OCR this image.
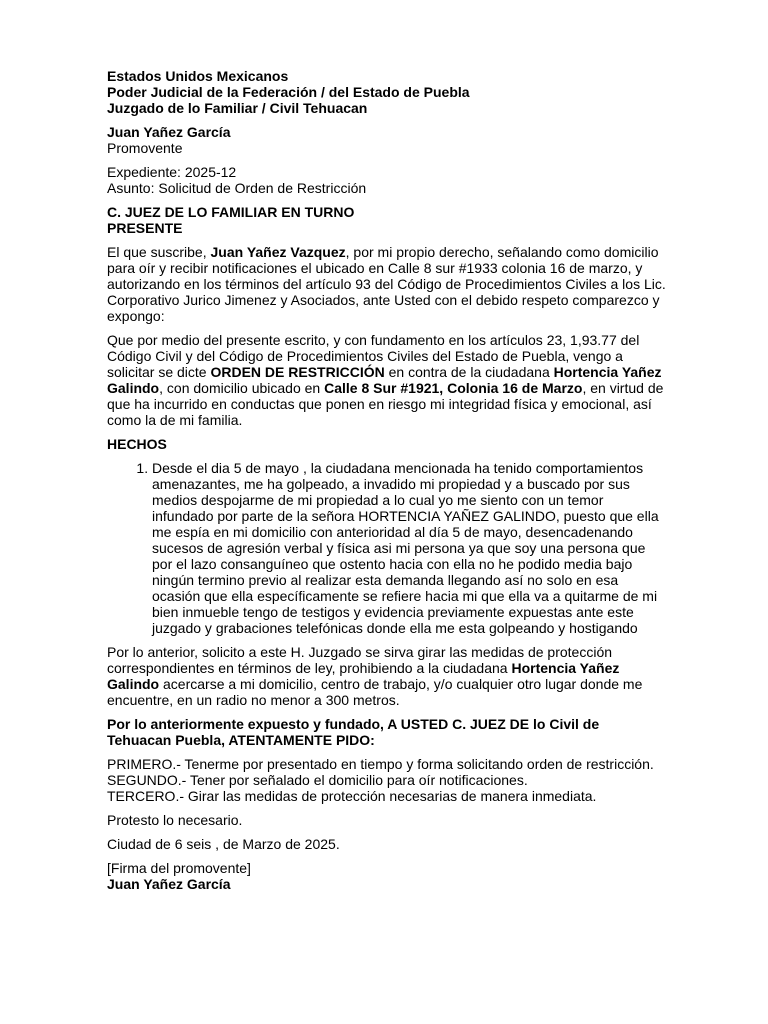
Estados Unidos Mexicanos

Poder Judicial de la Federación / del Estado de Puebla

Juzgado de lo Familiar / Civil Tehuacan

Juan Yañez García

Promovente

Expediente: 2025-12

Asunto: Solicitud de Orden de Restricción

C. JUEZ DE LO FAMILIAR EN TURNO

PRESENTE

El que suscribe, Juan Yañez Vazquez, por mi propio derecho, señalando como domicilio para oír y recibir notificaciones el ubicado en Calle 8 sur #1933 colonia 16 de marzo, y autorizando en los términos del artículo 93 del Código de Procedimientos Civiles a los Lic. Corporativo Jurico Jimenez y Asociados, ante Usted con el debido respeto comparezco y expongo:

Que por medio del presente escrito, y con fundamento en los artículos 23, 1,93.77 del Código Civil y del Código de Procedimientos Civiles del Estado de Puebla, vengo a solicitar se dicte ORDEN DE RESTRICCIÓN en contra de la ciudadana Hortencia Yañez Galindo, con domicilio ubicado en Calle 8 Sur #1921, Colonia 16 de Marzo, en virtud de que ha incurrido en conductas que ponen en riesgo mi integridad física y emocional, así como la de mi familia.

HECHOS

1. Desde el dia 5 de mayo , la ciudadana mencionada ha tenido comportamientos amenazantes, me ha golpeado, a invadido mi propiedad y a buscado por sus medios despojarme de mi propiedad a lo cual yo me siento con un temor infundado por parte de la señora HORTENCIA YAÑEZ GALINDO, puesto que ella me espía en mi domicilio con anterioridad al día 5 de mayo, desencadenando sucesos de agresión verbal y física asi mi persona ya que soy una persona que por el lazo consanguíneo que ostento hacia con ella no he podido media bajo ningún termino previo al realizar esta demanda llegando así no solo en esa ocasión que ella específicamente se refiere hacia mi que ella va a quitarme de mi bien inmueble tengo de testigos y evidencia previamente expuestas ante este juzgado y grabaciones telefónicas donde ella me esta golpeando y hostigando

Por lo anterior, solicito a este H. Juzgado se sirva girar las medidas de protección correspondientes en términos de ley, prohibiendo a la ciudadana Hortencia Yañez Galindo acercarse a mi domicilio, centro de trabajo, y/o cualquier otro lugar donde me encuentre, en un radio no menor a 300 metros.

Por lo anteriormente expuesto y fundado, A USTED C. JUEZ DE lo Civil de Tehuacan Puebla, ATENTAMENTE PIDO:

PRIMERO.- Tenerme por presentado en tiempo y forma solicitando orden de restricción.

SEGUNDO.- Tener por señalado el domicilio para oír notificaciones.

TERCERO.- Girar las medidas de protección necesarias de manera inmediata.

Protesto lo necesario.

Ciudad de 6 seis , de Marzo de 2025.

[Firma del promovente]

Juan Yañez García
